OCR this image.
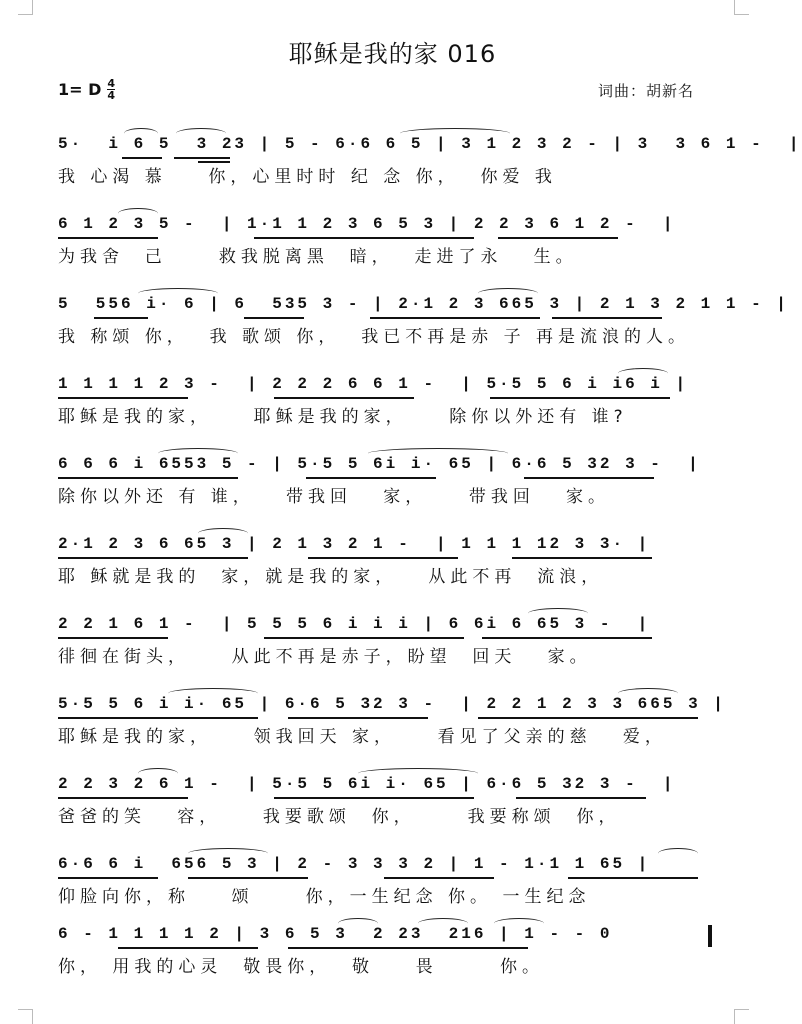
耶稣是我的家 016
1= D $\frac{4}{4}$	词曲：胡新名
5·  i 6 5  3 23 | 5 - 6·6 6 5 | 3 1 2 3 2 - | 3  3 6 1 -  |
我 心渴 慕    你，心里时时 纪 念 你，  你爱 我
6 1 2 3 5 -  | 1·1 1 2 3 6 5 3 | 2 2 3 6 1 2 -  |
为我舍  己     救我脱离黑  暗，  走进了永   生。
5  556 i· 6 | 6  535 3 - | 2·1 2 3 665 3 | 2 1 3 2 1 1 - |
我 称颂 你，  我 歌颂 你，  我已不再是赤 子 再是流浪的人。
1 1 1 1 2 3 -  | 2 2 2 6 6 1 -  | 5·5 5 6 i i6 i |
耶稣是我的家，    耶稣是我的家，    除你以外还有 谁?
6 6 6 i 6553 5 - | 5·5 5 6i i· 65 | 6·6 5 32 3 -  |
除你以外还 有 谁，   带我回   家，    带我回   家。
2·1 2 3 6 65 3 | 2 1 3 2 1 -  | 1 1 1 12 3 3· |
耶 稣就是我的  家，就是我的家，   从此不再  流浪，
2 2 1 6 1 -  | 5 5 5 6 i i i | 6 6i 6 65 3 -  |
徘徊在街头，    从此不再是赤子，盼望  回天   家。
5·5 5 6 i i· 65 | 6·6 5 32 3 -  | 2 2 1 2 3 3 665 3 |
耶稣是我的家，    领我回天 家，    看见了父亲的慈   爱，
2 2 3 2 6 1 -  | 5·5 5 6i i· 65 | 6·6 5 32 3 -  |
爸爸的笑   容，    我要歌颂  你，     我要称颂  你，
6·6 6 i  656 5 3 | 2 - 3 3 3 2 | 1 - 1·1 1 65 |
仰脸向你，称    颂     你，一生纪念 你。 一生纪念
6 - 1 1 1 1 2 | 3 6 5 3  2 23  216 | 1 - - 0
你， 用我的心灵  敬畏你，  敬    畏      你。
